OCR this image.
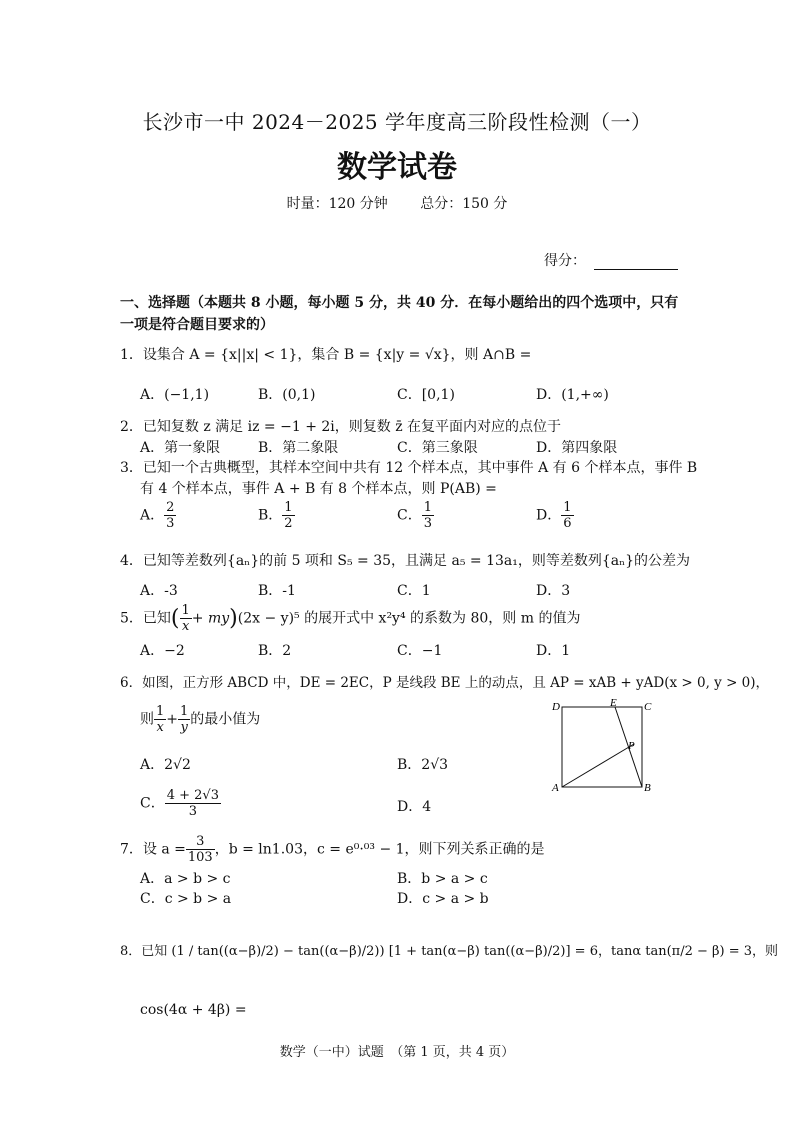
长沙市一中 2024－2025 学年度高三阶段性检测（一）
数学试卷
时量：120 分钟 总分：150 分
得分：
一、选择题（本题共 8 小题，每小题 5 分，共 40 分．在每小题给出的四个选项中，只有一项是符合题目要求的）
1．设集合 A = {x||x| < 1}，集合 B = {x|y = √x}，则 A∩B =
A．(−1,1)	B．(0,1)	C．[0,1)	D．(1,+∞)
2．已知复数 z 满足 iz = −1 + 2i，则复数 z̄ 在复平面内对应的点位于
A．第一象限	B．第二象限	C．第三象限	D．第四象限
3．已知一个古典概型，其样本空间中共有 12 个样本点，其中事件 A 有 6 个样本点，事件 B
有 4 个样本点，事件 A + B 有 8 个样本点，则 P(AB) =
A． $\frac{2}{3}$	B． $\frac{1}{2}$	C． $\frac{1}{3}$	D． $\frac{1}{6}$
4．已知等差数列{aₙ}的前 5 项和 S₅ = 35，且满足 a₅ = 13a₁，则等差数列{aₙ}的公差为
A．-3	B．-1	C．1	D．3
5．已知( $\frac{1}{x} + my)(2x - y)^5$ 的展开式中 x²y⁴ 的系数为 80，则 m 的值为
A．−2	B．2	C．−1	D．1
6．如图，正方形 ABCD 中，DE = 2EC，P 是线段 BE 上的动点，且 AP = xAB + yAD(x > 0, y > 0)，
则 $\frac{1}{x} + \frac{1}{y}$ 的最小值为
A．2√2	B．2√3
C． $\frac{4 + 2√3}{3}$	D．4
D	E C
P
A	B
7．设 $a = \frac{3}{103}$ ，b = ln1.03，c = e⁰·⁰³ − 1，则下列关系正确的是
A．a > b > c	B．b > a > c
C．c > b > a	D．c > a > b
8．已知 (1 / tan((α−β)/2) − tan((α−β)/2)) [1 + tan(α−β) tan((α−β)/2)] = 6，tanα tan(π/2 − β) = 3，则
cos(4α + 4β) =
数学（一中）试题　（第 1 页，共 4 页）
